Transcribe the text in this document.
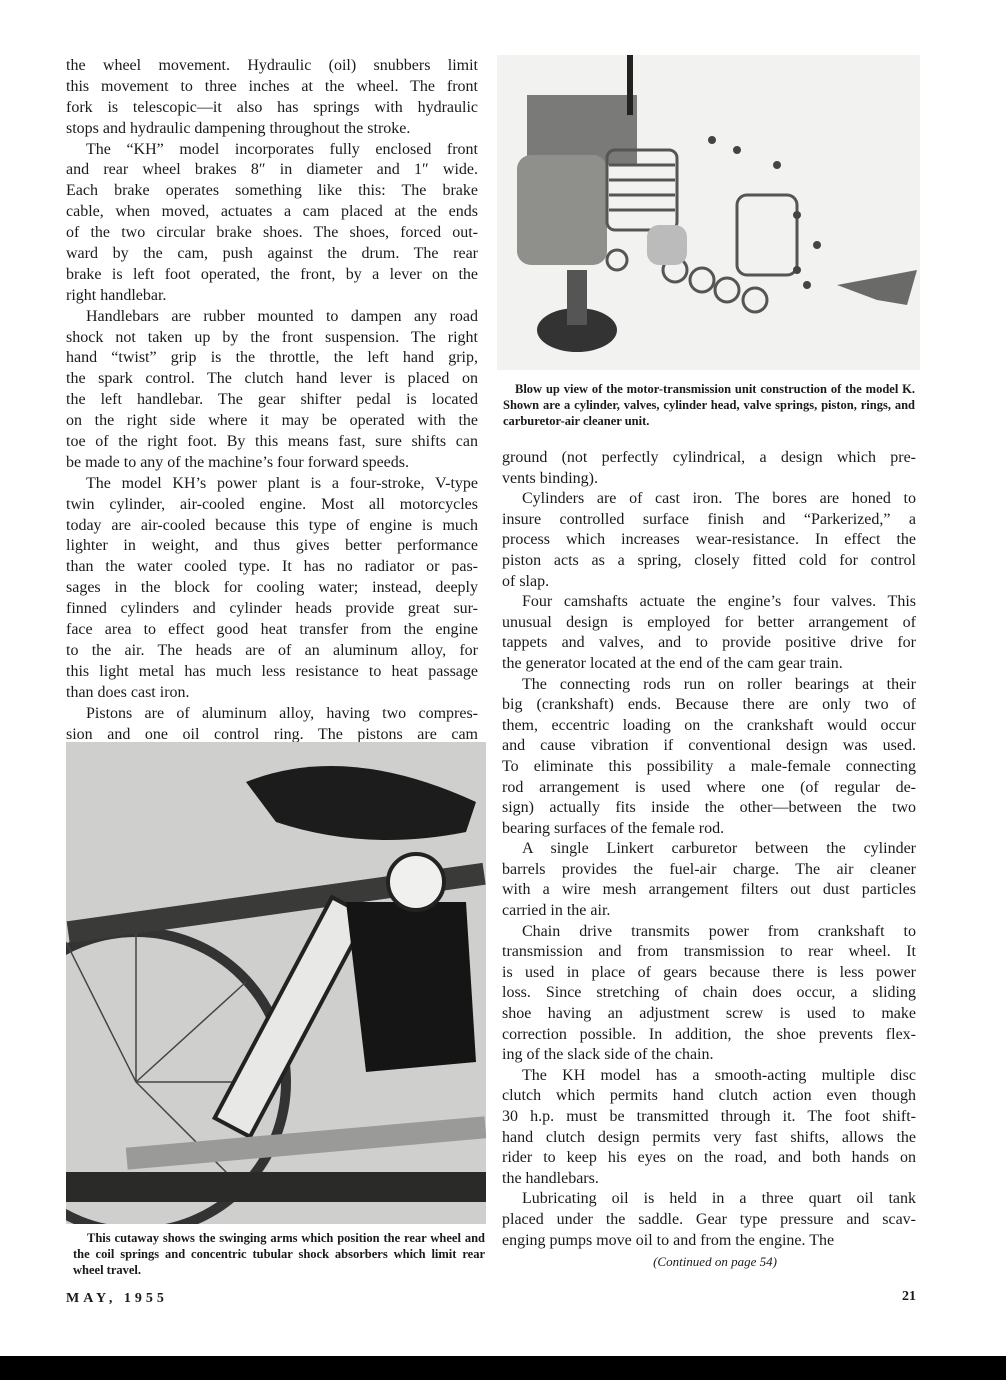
the wheel movement. Hydraulic (oil) snubbers limit
this movement to three inches at the wheel. The front
fork is telescopic—it also has springs with hydraulic
stops and hydraulic dampening throughout the stroke.
The “KH” model incorporates fully enclosed front
and rear wheel brakes 8″ in diameter and 1″ wide.
Each brake operates something like this: The brake
cable, when moved, actuates a cam placed at the ends
of the two circular brake shoes. The shoes, forced out-
ward by the cam, push against the drum. The rear
brake is left foot operated, the front, by a lever on the
right handlebar.
Handlebars are rubber mounted to dampen any road
shock not taken up by the front suspension. The right
hand “twist” grip is the throttle, the left hand grip,
the spark control. The clutch hand lever is placed on
the left handlebar. The gear shifter pedal is located
on the right side where it may be operated with the
toe of the right foot. By this means fast, sure shifts can
be made to any of the machine’s four forward speeds.
The model KH’s power plant is a four-stroke, V-type
twin cylinder, air-cooled engine. Most all motorcycles
today are air-cooled because this type of engine is much
lighter in weight, and thus gives better performance
than the water cooled type. It has no radiator or pas-
sages in the block for cooling water; instead, deeply
finned cylinders and cylinder heads provide great sur-
face area to effect good heat transfer from the engine
to the air. The heads are of an aluminum alloy, for
this light metal has much less resistance to heat passage
than does cast iron.
Pistons are of aluminum alloy, having two compres-
sion and one oil control ring. The pistons are cam
ground (not perfectly cylindrical, a design which pre-
vents binding).
Cylinders are of cast iron. The bores are honed to
insure controlled surface finish and “Parkerized,” a
process which increases wear-resistance. In effect the
piston acts as a spring, closely fitted cold for control
of slap.
Four camshafts actuate the engine’s four valves. This
unusual design is employed for better arrangement of
tappets and valves, and to provide positive drive for
the generator located at the end of the cam gear train.
The connecting rods run on roller bearings at their
big (crankshaft) ends. Because there are only two of
them, eccentric loading on the crankshaft would occur
and cause vibration if conventional design was used.
To eliminate this possibility a male-female connecting
rod arrangement is used where one (of regular de-
sign) actually fits inside the other—between the two
bearing surfaces of the female rod.
A single Linkert carburetor between the cylinder
barrels provides the fuel-air charge. The air cleaner
with a wire mesh arrangement filters out dust particles
carried in the air.
Chain drive transmits power from crankshaft to
transmission and from transmission to rear wheel. It
is used in place of gears because there is less power
loss. Since stretching of chain does occur, a sliding
shoe having an adjustment screw is used to make
correction possible. In addition, the shoe prevents flex-
ing of the slack side of the chain.
The KH model has a smooth-acting multiple disc
clutch which permits hand clutch action even though
30 h.p. must be transmitted through it. The foot shift-
hand clutch design permits very fast shifts, allows the
rider to keep his eyes on the road, and both hands on
the handlebars.
Lubricating oil is held in a three quart oil tank
placed under the saddle. Gear type pressure and scav-
enging pumps move oil to and from the engine. The
Blow up view of the motor-transmission unit construction of the model K. Shown are a cylinder, valves, cylinder head, valve springs, piston, rings, and carburetor-air cleaner unit.
This cutaway shows the swinging arms which position the rear wheel and the coil springs and concentric tubular shock absorbers which limit rear wheel travel.
(Continued on page 54)
MAY, 1955	21
